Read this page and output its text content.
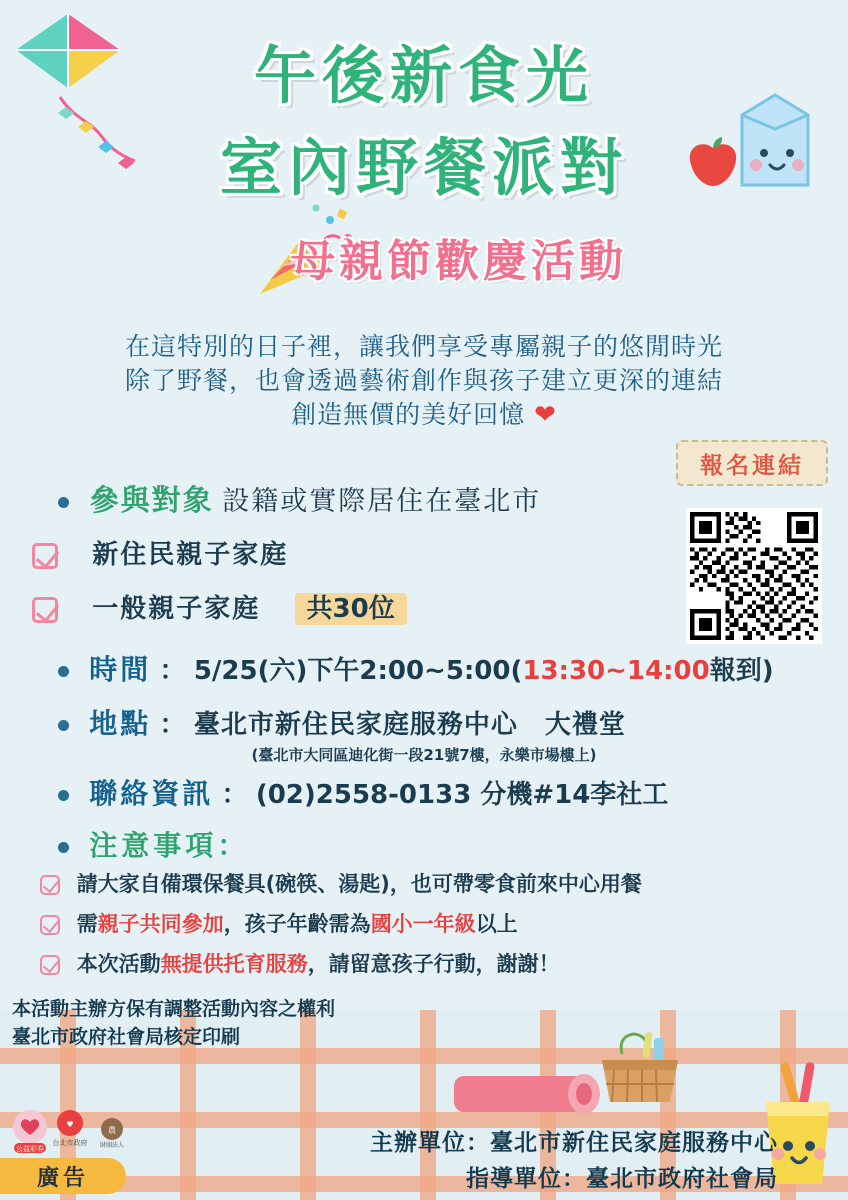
午後新食光
室內野餐派對
母親節歡慶活動
在這特別的日子裡，讓我們享受專屬親子的悠閒時光
除了野餐，也會透過藝術創作與孩子建立更深的連結
創造無價的美好回憶 ❤
報名連結
參與對象 設籍或實際居住在臺北市
新住民親子家庭
一般親子家庭 共30位
時間 ： 5/25(六)下午2:00~5:00(13:30~14:00報到)
地點 ： 臺北市新住民家庭服務中心　大禮堂
(臺北市大同區迪化街一段21號7樓，永樂市場樓上)
聯絡資訊 ： (02)2558-0133 分機#14李社工
注意事項：
請大家自備環保餐具(碗筷、湯匙)，也可帶零食前來中心用餐
需親子共同參加，孩子年齡需為國小一年級以上
本次活動無提供托育服務，請留意孩子行動，謝謝！
本活動主辦方保有調整活動內容之權利
臺北市政府社會局核定印刷
主辦單位：臺北市新住民家庭服務中心
指導單位：臺北市政府社會局
公益彩券
♥
台北市政府
農
財團法人
廣告
